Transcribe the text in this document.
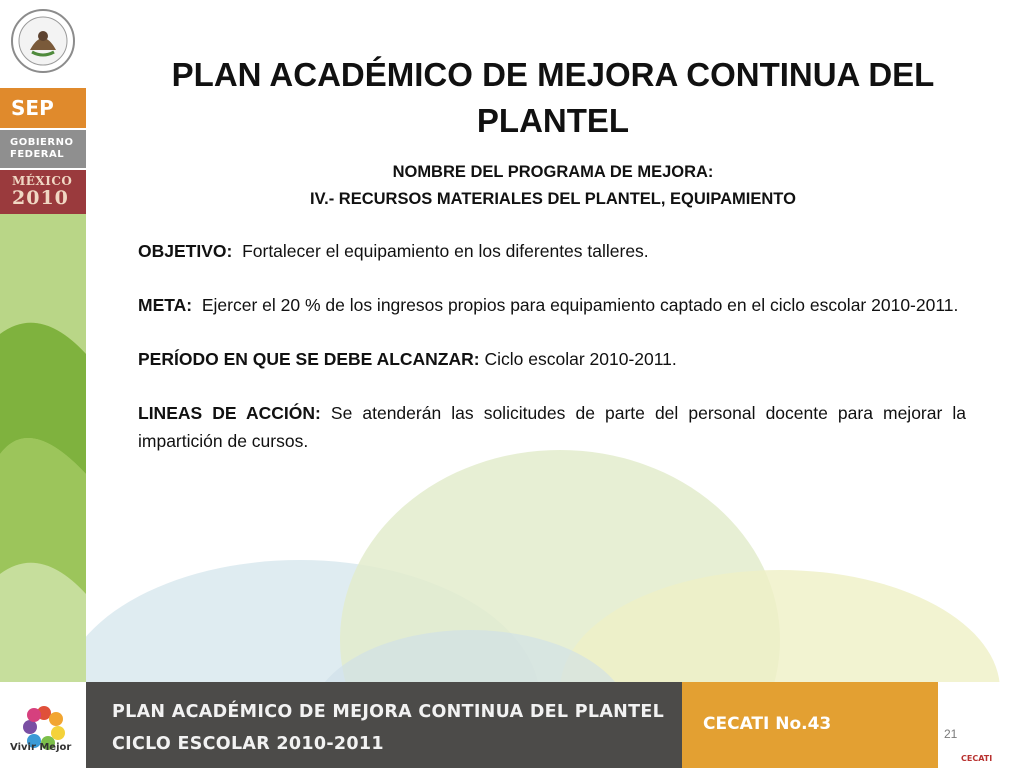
SEP
GOBIERNO
FEDERAL
MÉXICO
2010
PLAN ACADÉMICO DE MEJORA CONTINUA DEL PLANTEL
NOMBRE DEL PROGRAMA DE MEJORA:
IV.- RECURSOS MATERIALES DEL PLANTEL, EQUIPAMIENTO

OBJETIVO: Fortalecer el equipamiento en los diferentes talleres.

META: Ejercer el 20 % de los ingresos propios para equipamiento captado en el ciclo escolar 2010-2011.

PERÍODO EN QUE SE DEBE ALCANZAR: Ciclo escolar 2010-2011.

LINEAS DE ACCIÓN: Se atenderán las solicitudes de parte del personal docente para mejorar la impartición de cursos.

Vivir Mejor
PLAN ACADÉMICO DE MEJORA CONTINUA DEL PLANTEL
CICLO ESCOLAR 2010-2011
CECATI No.43
CECATI
21
